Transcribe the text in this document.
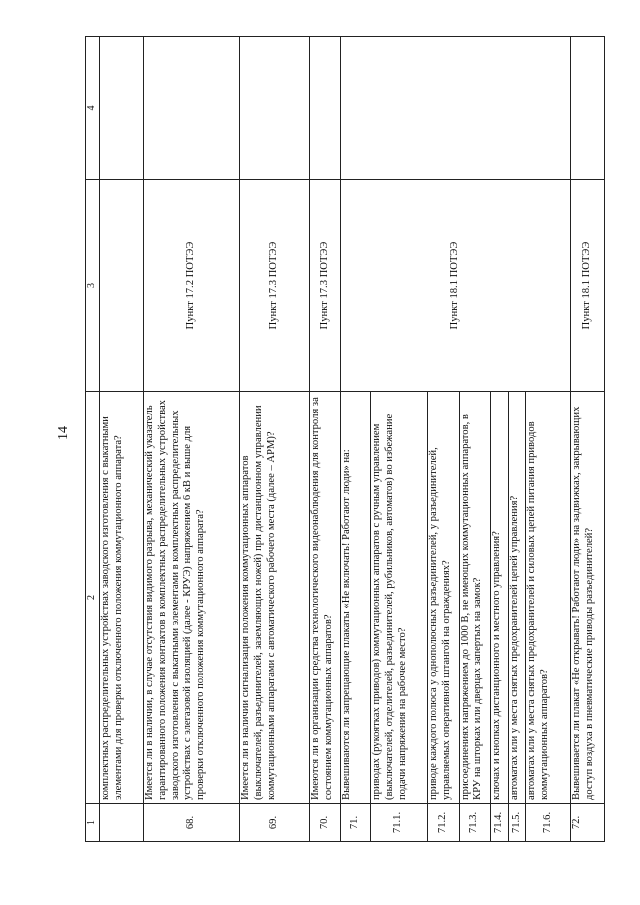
14
1	2	3	4
	комплектных распределительных устройствах заводского изготовления с выкатными элементами для проверки отключенного положения коммутационного аппарата?		
68.	Имеется ли в наличии, в случае отсутствия видимого разрыва, механический указатель гарантированного положения контактов в комплектных распределительных устройствах заводского изготовления с выкатными элементами в комплектных распределительных устройствах с элегазовой изоляцией (далее - КРУЭ) напряжением 6 кВ и выше для проверки отключенного положения коммутационного аппарата?	Пункт 17.2 ПОТЭЭ	
69.	Имеется ли в наличии сигнализация положения коммутационных аппаратов (выключателей, разъединителей, заземляющих ножей) при дистанционном управлении коммутационными аппаратами с автоматического рабочего места (далее – АРМ)?	Пункт 17.3 ПОТЭЭ	
70.	Имеются ли в организации средства технологического видеонаблюдения для контроля за состоянием коммутационных аппаратов?	Пункт 17.3 ПОТЭЭ	
71.	Вывешиваются ли запрещающие плакаты «Не включать! Работают люди» на:	Пункт 18.1 ПОТЭЭ	
71.1.	приводах (рукоятках приводов) коммутационных аппаратов с ручным управлением (выключателей, отделителей, разъединителей, рубильников, автоматов) во избежание подачи напряжения на рабочее место?		
71.2.	приводе каждого полюса у однополюсных разъединителей, у разъединителей, управляемых оперативной штангой на ограждениях?		
71.3.	присоединениях напряжением до 1000 В, не имеющих коммутационных аппаратов, в КРУ на шторках или дверцах запертых на замок?		
71.4.	ключах и кнопках дистанционного и местного управления?		
71.5.	автоматах или у места снятых предохранителей цепей управления?		
71.6.	автоматах или у места снятых предохранителей и силовых цепей питания приводов коммутационных аппаратов?		
72.	Вывешивается ли плакат «Не открывать! Работают люди» на задвижках, закрывающих доступ воздуха в пневматические приводы разъединителей?	Пункт 18.1 ПОТЭЭ	
